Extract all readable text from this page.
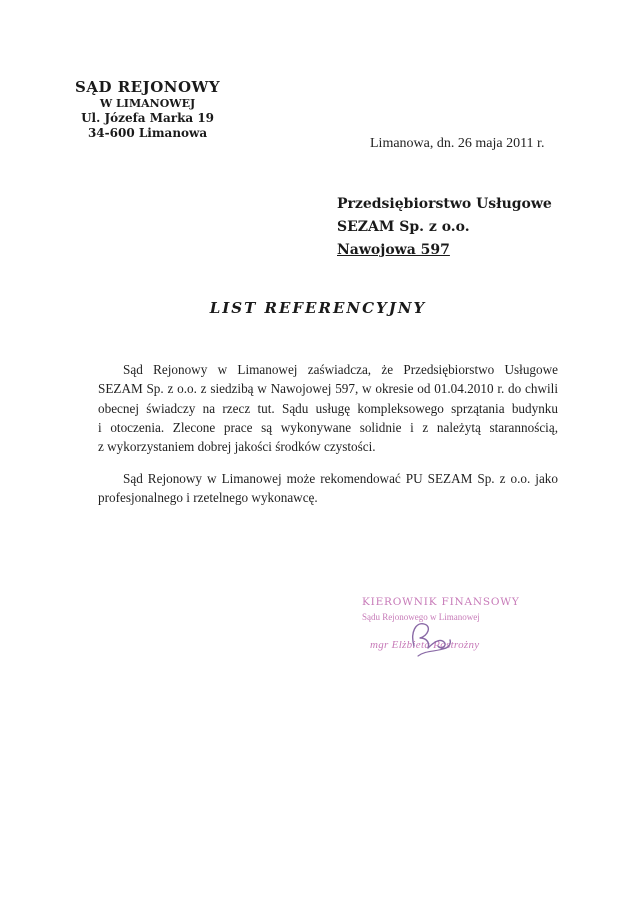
SĄD REJONOWY
W LIMANOWEJ
Ul. Józefa Marka 19
34-600 Limanowa
Limanowa, dn. 26 maja 2011 r.
Przedsiębiorstwo Usługowe
SEZAM Sp. z o.o.
Nawojowa 597
LIST REFERENCYJNY
Sąd Rejonowy w Limanowej zaświadcza, że Przedsiębiorstwo Usługowe
SEZAM Sp. z o.o. z siedzibą w Nawojowej 597, w okresie od 01.04.2010 r. do chwili
obecnej świadczy na rzecz tut. Sądu usługę kompleksowego sprzątania budynku
i otoczenia. Zlecone prace są wykonywane solidnie i z należytą starannością,
z wykorzystaniem dobrej jakości środków czystości.
Sąd Rejonowy w Limanowej może rekomendować PU SEZAM Sp. z o.o. jako
profesjonalnego i rzetelnego wykonawcę.
KIEROWNIK FINANSOWY
Sądu Rejonowego w Limanowej
mgr Elżbieta Postrożny
